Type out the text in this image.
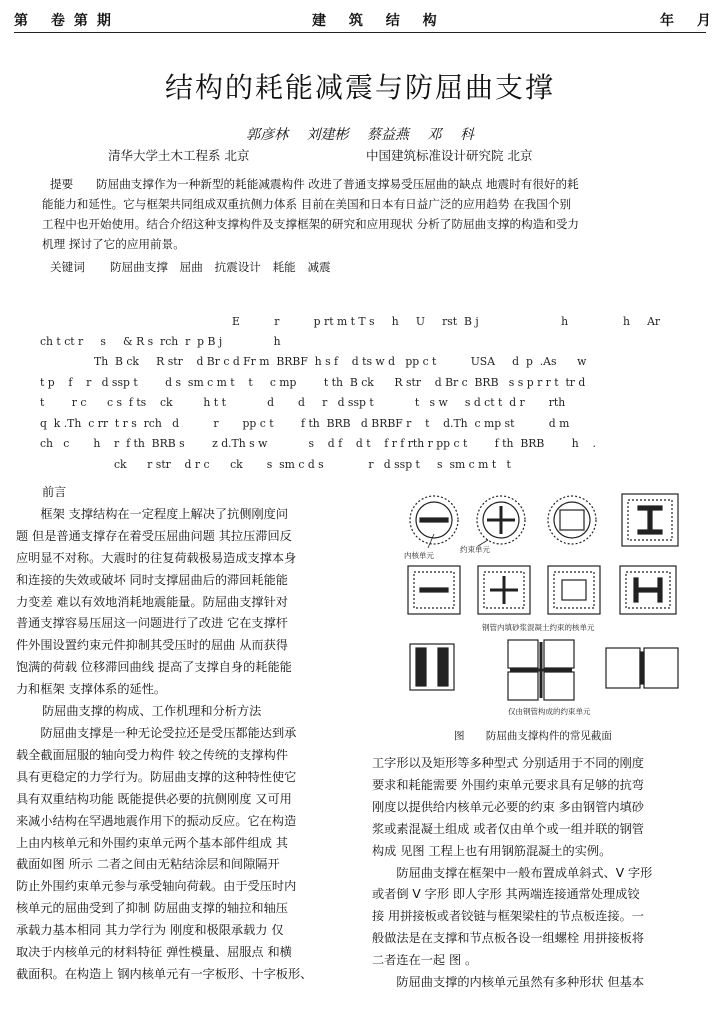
第 卷第期	建 筑 结 构	年 月
结构的耗能减震与防屈曲支撑
郭彦林 刘建彬 蔡益燕 邓 科
清华大学土木工程系 北京	中国建筑标准设计研究院 北京
提要 防屈曲支撑作为一种新型的耗能减震构件 改进了普通支撑易受压屈曲的缺点 地震时有很好的耗
能能力和延性。它与框架共同组成双重抗侧力体系 目前在美国和日本有日益广泛的应用趋势 在我国个别
工程中也开始使用。结合介绍这种支撑构件及支撑框架的研究和应用现状 分析了防屈曲支撑的构造和受力
机理 探讨了它的应用前景。
关键词 防屈曲支撑 屈曲 抗震设计 耗能 减震
E          r          p rt m t T s     h     U     rst  B j                        h                h     Ar
ch t ct r     s     & R s  rch  r  p B j               h
Th  B ck     R str    d Br c d Fr m  BRBF  h s f    d ts w d   pp c t          USA     d  p  .As      w
t p    f    r   d ssp t        d s  sm c m t    t     c mp        t th  B ck      R str    d Br c  BRB   s s p r r t  tr d
t        r c      c s  f ts    ck         h t t            d       d     r   d ssp t            t   s w     s d ct t  d r       rth
q  k .Th  c rr  t r s  rch   d          r       pp c t        f th  BRB   d BRBF r    t    d.Th  c mp st          d m
ch   c       h    r  f th  BRB s        z d.Th s w            s    d f    d t    f r f rth r pp c t        f th  BRB        h    .
ck      r str    d r c      ck       s  sm c d s             r   d ssp t     s  sm c m t   t

前言

框架 支撑结构在一定程度上解决了抗侧刚度问

题 但是普通支撑存在着受压屈曲问题 其拉压滞回反

应明显不对称。大震时的往复荷载极易造成支撑本身

和连接的失效或破坏 同时支撑屈曲后的滞回耗能能

力变差 难以有效地消耗地震能量。防屈曲支撑针对

普通支撑容易压屈这一问题进行了改进 它在支撑杆

件外围设置约束元件抑制其受压时的屈曲 从而获得

饱满的荷载 位移滞回曲线 提高了支撑自身的耗能能

力和框架 支撑体系的延性。

防屈曲支撑的构成、工作机理和分析方法

防屈曲支撑是一种无论受拉还是受压都能达到承

载全截面屈服的轴向受力构件 较之传统的支撑构件

具有更稳定的力学行为。防屈曲支撑的这种特性使它

具有双重结构功能 既能提供必要的抗侧刚度 又可用

来减小结构在罕遇地震作用下的振动反应。它在构造

上由内核单元和外围约束单元两个基本部件组成 其

截面如图 所示 二者之间由无粘结涂层和间隙隔开

防止外围约束单元参与承受轴向荷载。由于受压时内

核单元的屈曲受到了抑制 防屈曲支撑的轴拉和轴压

承载力基本相同 其力学行为 刚度和极限承载力 仅

取决于内核单元的材料特征 弹性模量、屈服点 和横

截面积。在构造上 钢内核单元有一字板形、十字板形、

内核单元
约束单元
钢管内填砂浆混凝土约束的核单元
仅由钢管构成的约束单元
图 防屈曲支撑构件的常见截面

工字形以及矩形等多种型式 分别适用于不同的刚度

要求和耗能需要 外围约束单元要求具有足够的抗弯

刚度以提供给内核单元必要的约束 多由钢管内填砂

浆或素混凝土组成 或者仅由单个或一组并联的钢管

构成 见图 工程上也有用钢筋混凝土的实例。

防屈曲支撑在框架中一般布置成单斜式、V 字形

或者倒 V 字形 即人字形 其两端连接通常处理成铰

接 用拼接板或者铰链与框架梁柱的节点板连接。一

般做法是在支撑和节点板各设一组螺栓 用拼接板将

二者连在一起 图 。

防屈曲支撑的内核单元虽然有多种形状 但基本
